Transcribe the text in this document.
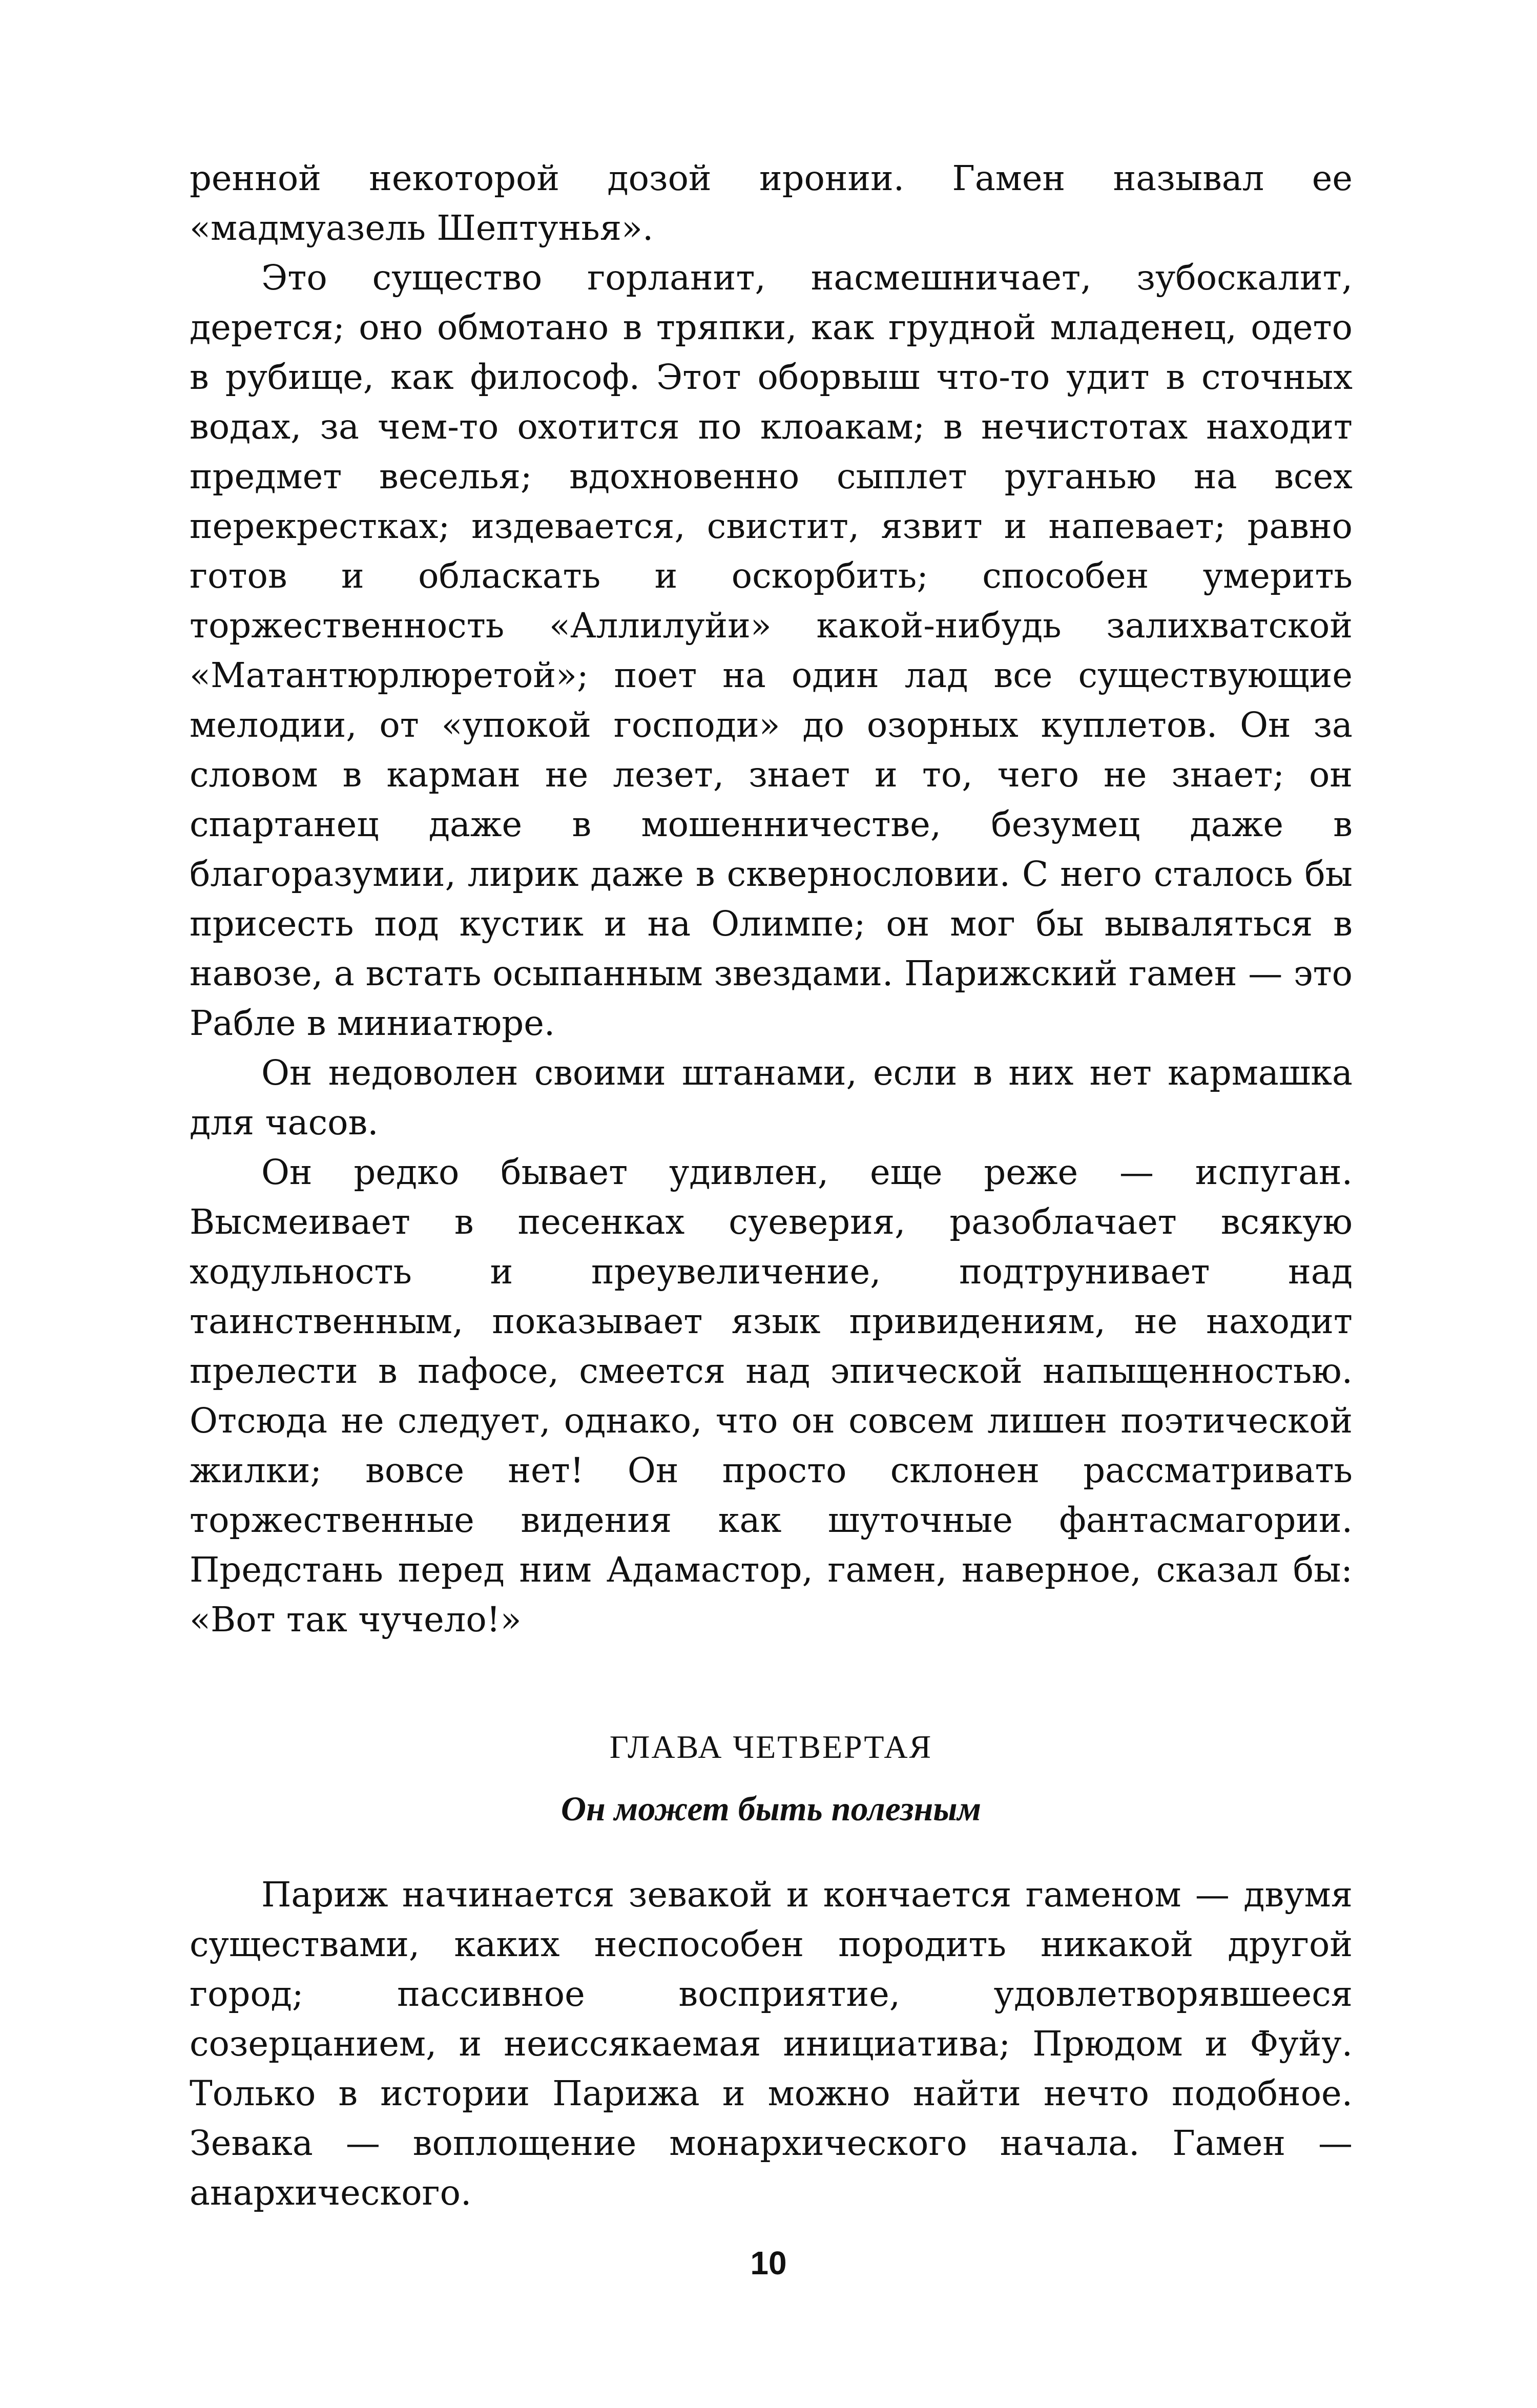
ренной некоторой дозой иронии. Гамен называл ее «мадмуазель Шептунья».

Это существо горланит, насмешничает, зубоскалит, дерется; оно обмотано в тряпки, как грудной младенец, одето в рубище, как философ. Этот оборвыш что-то удит в сточных водах, за чем-то охотится по клоакам; в нечистотах находит предмет веселья; вдохновенно сыплет руганью на всех перекрестках; издевается, свистит, язвит и напевает; равно готов и обласкать и оскорбить; способен умерить торжественность «Аллилуйи» какой-нибудь залихватской «Матантюрлюретой»; поет на один лад все существующие мелодии, от «упокой господи» до озорных куплетов. Он за словом в карман не лезет, знает и то, чего не знает; он спартанец даже в мошенничестве, безумец даже в благоразумии, лирик даже в сквернословии. С него сталось бы присесть под кустик и на Олимпе; он мог бы вываляться в навозе, а встать осыпанным звездами. Парижский гамен — это Рабле в миниатюре.

Он недоволен своими штанами, если в них нет кармашка для часов.

Он редко бывает удивлен, еще реже — испуган. Высмеивает в песенках суеверия, разоблачает всякую ходульность и преувеличение, подтрунивает над таинственным, показывает язык привидениям, не находит прелести в пафосе, смеется над эпической напыщенностью. Отсюда не следует, однако, что он совсем лишен поэтической жилки; вовсе нет! Он просто склонен рассматривать торжественные видения как шуточные фантасмагории. Предстань перед ним Адамастор, гамен, наверное, сказал бы: «Вот так чучело!»

ГЛАВА ЧЕТВЕРТАЯ

Он может быть полезным

Париж начинается зевакой и кончается гаменом — двумя существами, каких неспособен породить никакой другой город; пассивное восприятие, удовлетворявшееся созерцанием, и неиссякаемая инициатива; Прюдом и Фуйу. Только в истории Парижа и можно найти нечто подобное. Зевака — воплощение монархического начала. Гамен — анархического.

10
